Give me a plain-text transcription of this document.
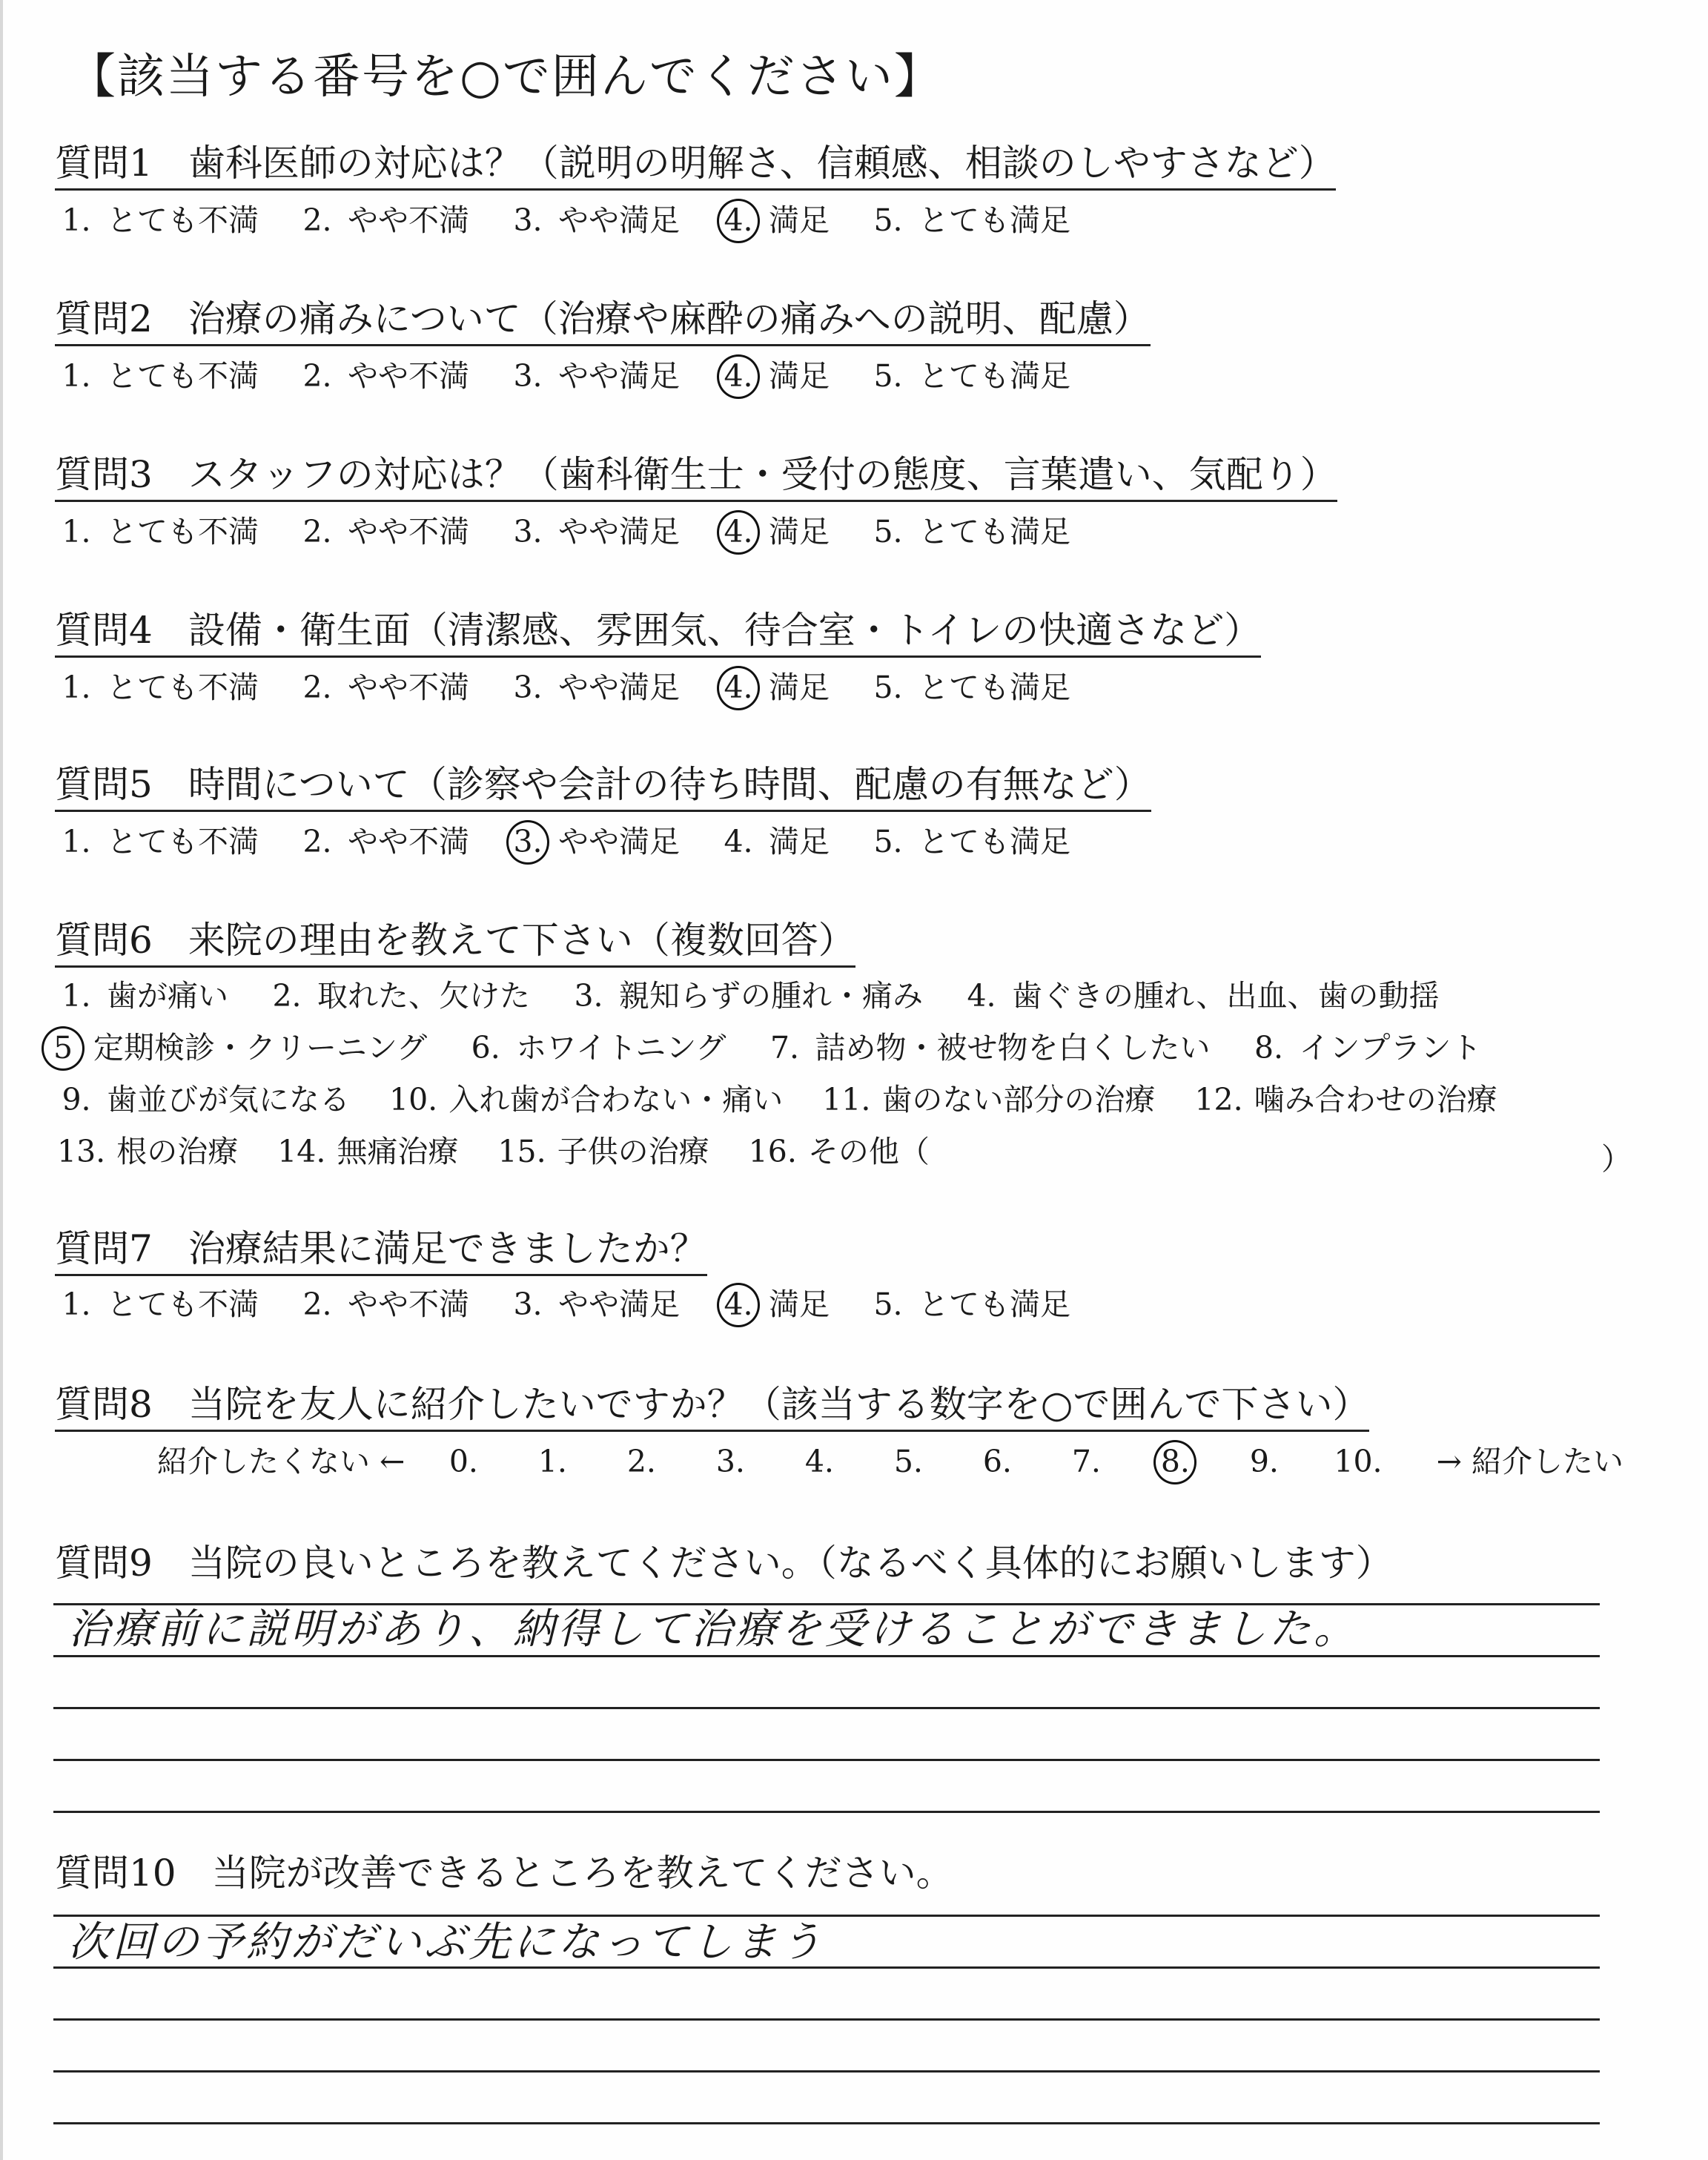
【該当する番号を○で囲んでください】
質問1 歯科医師の対応は？（説明の明解さ、信頼感、相談のしやすさなど）
1. とても不満 2. やや不満 3. やや満足 4. 満足 5. とても満足
質問2 治療の痛みについて（治療や麻酔の痛みへの説明、配慮）
1. とても不満 2. やや不満 3. やや満足 4. 満足 5. とても満足
質問3 スタッフの対応は？（歯科衛生士・受付の態度、言葉遣い、気配り）
1. とても不満 2. やや不満 3. やや満足 4. 満足 5. とても満足
質問4 設備・衛生面（清潔感、雰囲気、待合室・トイレの快適さなど）
1. とても不満 2. やや不満 3. やや満足 4. 満足 5. とても満足
質問5 時間について（診察や会計の待ち時間、配慮の有無など）
1. とても不満 2. やや不満 3. やや満足 4. 満足 5. とても満足
質問6 来院の理由を教えて下さい（複数回答）
1. 歯が痛い 2. 取れた、欠けた 3. 親知らずの腫れ・痛み 4. 歯ぐきの腫れ、出血、歯の動揺
5 定期検診・クリーニング 6. ホワイトニング 7. 詰め物・被せ物を白くしたい 8. インプラント
9. 歯並びが気になる 10. 入れ歯が合わない・痛い 11. 歯のない部分の治療 12. 噛み合わせの治療
13. 根の治療 14. 無痛治療 15. 子供の治療 16. その他（	）
質問7 治療結果に満足できましたか？
1. とても不満 2. やや不満 3. やや満足 4. 満足 5. とても満足
質問8 当院を友人に紹介したいですか？（該当する数字を○で囲んで下さい）
紹介したくない ← 0. 1. 2. 3. 4. 5. 6. 7. 8. 9. 10. → 紹介したい
質問9 当院の良いところを教えてください。（なるべく具体的にお願いします）

治療前に説明があり、納得して治療を受けることができました。

質問10 当院が改善できるところを教えてください。

次回の予約がだいぶ先になってしまう
